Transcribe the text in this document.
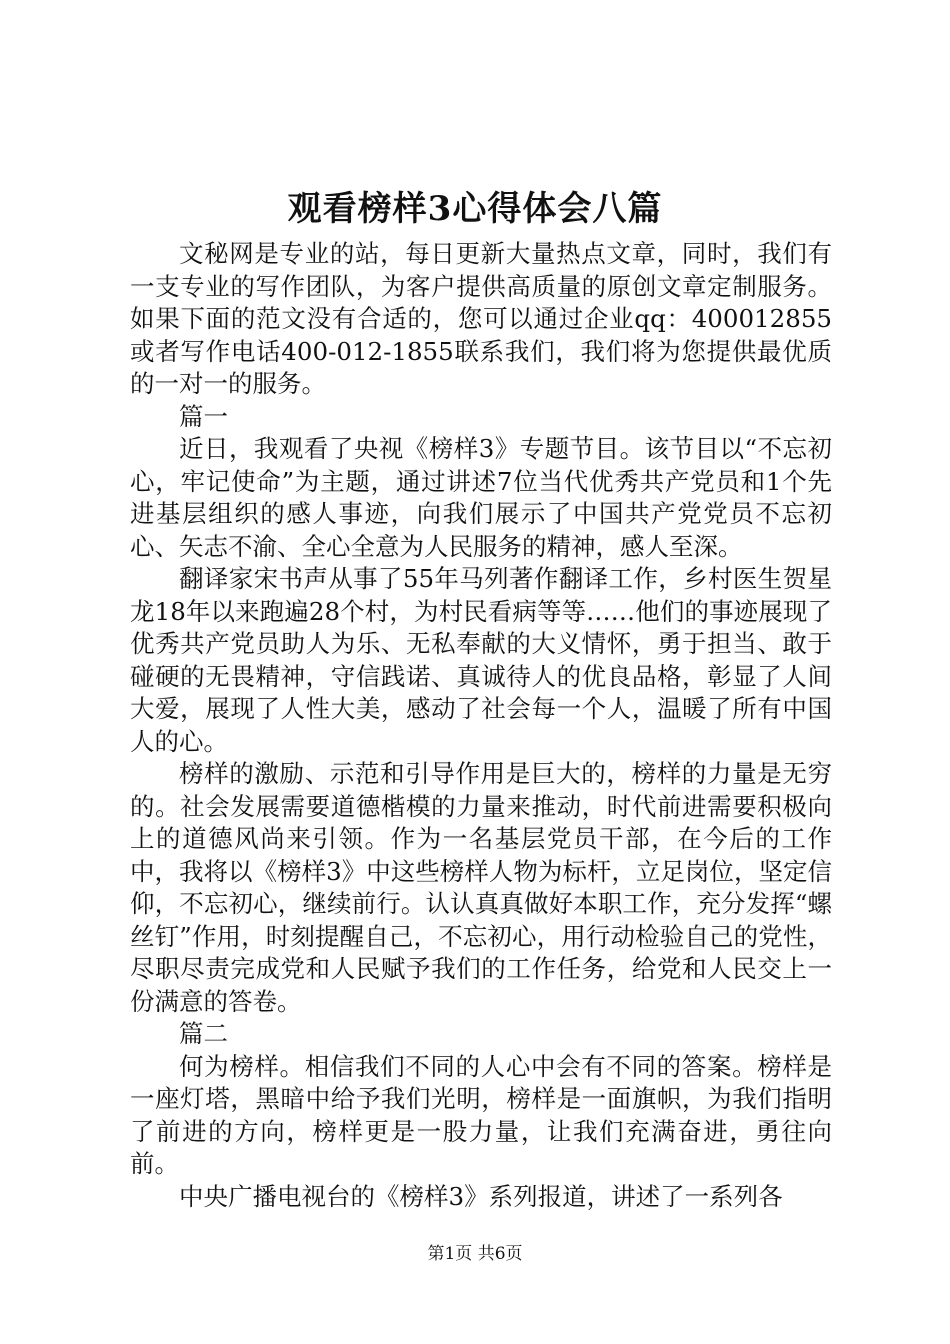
观看榜样3心得体会八篇

文秘网是专业的站，每日更新大量热点文章，同时，我们有一支专业的写作团队，为客户提供高质量的原创文章定制服务。如果下面的范文没有合适的，您可以通过企业qq：400012855或者写作电话400-012-1855联系我们，我们将为您提供最优质的一对一的服务。

篇一

近日，我观看了央视《榜样3》专题节目。该节目以“不忘初心，牢记使命”为主题，通过讲述7位当代优秀共产党员和1个先进基层组织的感人事迹，向我们展示了中国共产党党员不忘初心、矢志不渝、全心全意为人民服务的精神，感人至深。

翻译家宋书声从事了55年马列著作翻译工作，乡村医生贺星龙18年以来跑遍28个村，为村民看病等等……他们的事迹展现了优秀共产党员助人为乐、无私奉献的大义情怀，勇于担当、敢于碰硬的无畏精神，守信践诺、真诚待人的优良品格，彰显了人间大爱，展现了人性大美，感动了社会每一个人，温暖了所有中国人的心。

榜样的激励、示范和引导作用是巨大的，榜样的力量是无穷的。社会发展需要道德楷模的力量来推动，时代前进需要积极向上的道德风尚来引领。作为一名基层党员干部，在今后的工作中，我将以《榜样3》中这些榜样人物为标杆，立足岗位，坚定信仰，不忘初心，继续前行。认认真真做好本职工作，充分发挥“螺丝钉”作用，时刻提醒自己，不忘初心，用行动检验自己的党性，尽职尽责完成党和人民赋予我们的工作任务，给党和人民交上一份满意的答卷。

篇二

何为榜样。相信我们不同的人心中会有不同的答案。榜样是一座灯塔，黑暗中给予我们光明，榜样是一面旗帜，为我们指明了前进的方向，榜样更是一股力量，让我们充满奋进，勇往向前。

中央广播电视台的《榜样3》系列报道，讲述了一系列各

第1页 共6页
